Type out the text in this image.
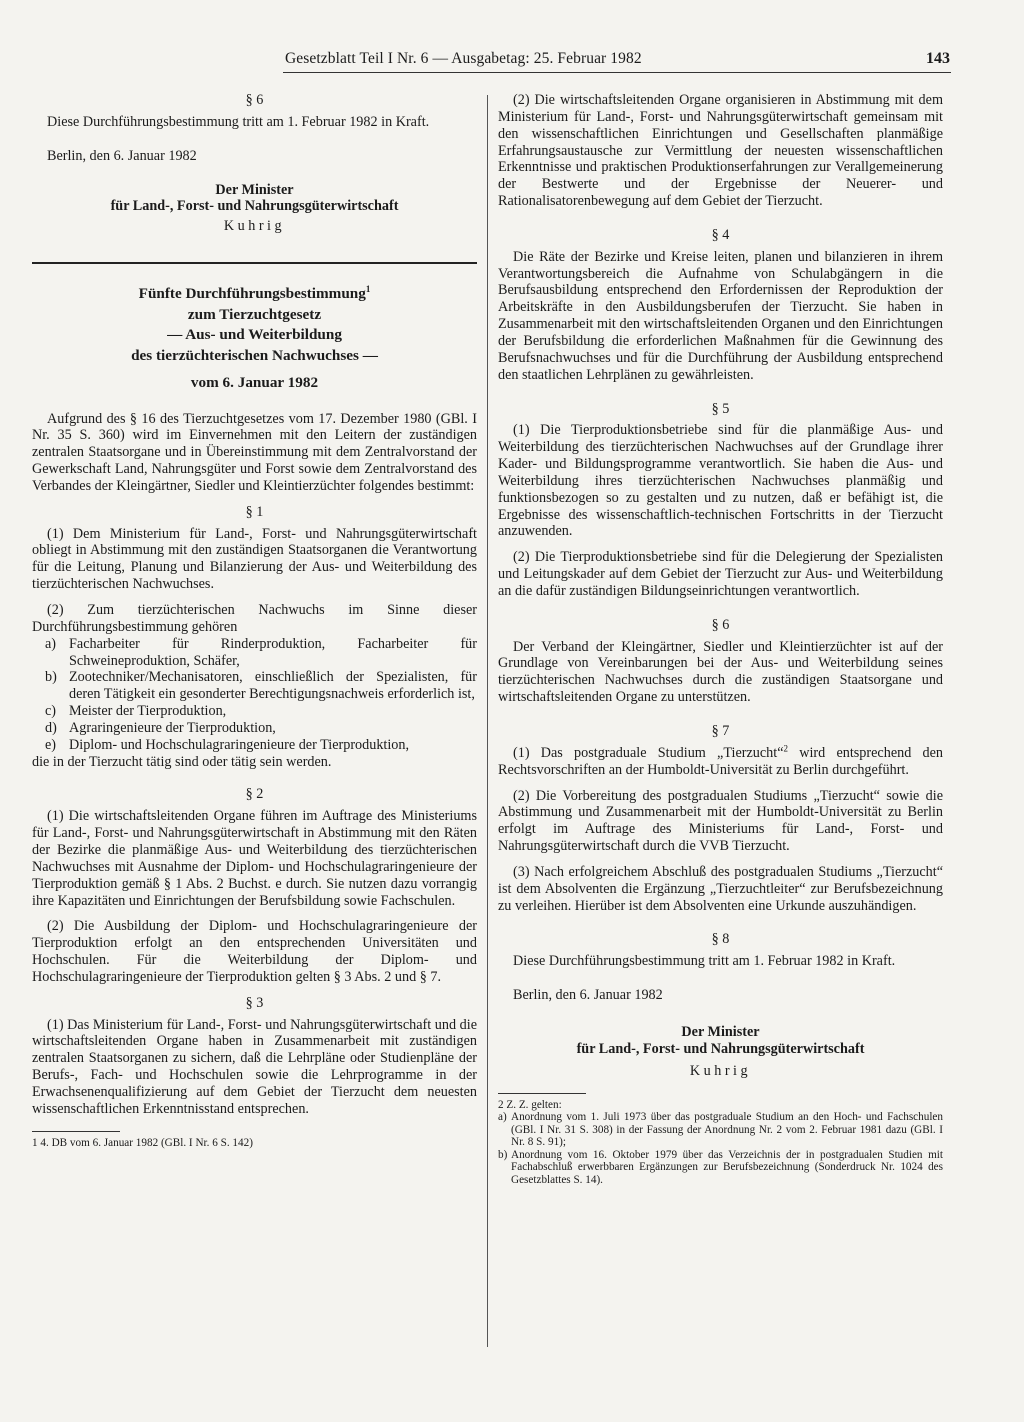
Gesetzblatt Teil I Nr. 6 — Ausgabetag: 25. Februar 1982	143

§ 6

Diese Durchführungsbestimmung tritt am 1. Februar 1982 in Kraft.

Berlin, den 6. Januar 1982

Der Minister

für Land-, Forst- und Nahrungsgüterwirtschaft

Kuhrig

Fünfte Durchführungsbestimmung$^1$
zum Tierzuchtgesetz
— Aus- und Weiterbildung
des tierzüchterischen Nachwuchses —
vom 6. Januar 1982

Aufgrund des § 16 des Tierzuchtgesetzes vom 17. Dezember 1980 (GBl. I Nr. 35 S. 360) wird im Einvernehmen mit den Leitern der zuständigen zentralen Staatsorgane und in Übereinstimmung mit dem Zentralvorstand der Gewerkschaft Land, Nahrungsgüter und Forst sowie dem Zentralvorstand des Verbandes der Kleingärtner, Siedler und Kleintierzüchter folgendes bestimmt:

§ 1

(1) Dem Ministerium für Land-, Forst- und Nahrungsgüterwirtschaft obliegt in Abstimmung mit den zuständigen Staatsorganen die Verantwortung für die Leitung, Planung und Bilanzierung der Aus- und Weiterbildung des tierzüchterischen Nachwuchses.

(2) Zum tierzüchterischen Nachwuchs im Sinne dieser Durchführungsbestimmung gehören

a) Facharbeiter für Rinderproduktion, Facharbeiter für Schweineproduktion, Schäfer,
b) Zootechniker/Mechanisatoren, einschließlich der Spezialisten, für deren Tätigkeit ein gesonderter Berechtigungsnachweis erforderlich ist,
c) Meister der Tierproduktion,
d) Agraringenieure der Tierproduktion,
e) Diplom- und Hochschulagraringenieure der Tierproduktion,

die in der Tierzucht tätig sind oder tätig sein werden.

§ 2

(1) Die wirtschaftsleitenden Organe führen im Auftrage des Ministeriums für Land-, Forst- und Nahrungsgüterwirtschaft in Abstimmung mit den Räten der Bezirke die planmäßige Aus- und Weiterbildung des tierzüchterischen Nachwuchses mit Ausnahme der Diplom- und Hochschulagraringenieure der Tierproduktion gemäß § 1 Abs. 2 Buchst. e durch. Sie nutzen dazu vorrangig ihre Kapazitäten und Einrichtungen der Berufsbildung sowie Fachschulen.

(2) Die Ausbildung der Diplom- und Hochschulagraringenieure der Tierproduktion erfolgt an den entsprechenden Universitäten und Hochschulen. Für die Weiterbildung der Diplom- und Hochschulagraringenieure der Tierproduktion gelten § 3 Abs. 2 und § 7.

§ 3

(1) Das Ministerium für Land-, Forst- und Nahrungsgüterwirtschaft und die wirtschaftsleitenden Organe haben in Zusammenarbeit mit zuständigen zentralen Staatsorganen zu sichern, daß die Lehrpläne oder Studienpläne der Berufs-, Fach- und Hochschulen sowie die Lehrprogramme in der Erwachsenenqualifizierung auf dem Gebiet der Tierzucht dem neuesten wissenschaftlichen Erkenntnisstand entsprechen.

1 4. DB vom 6. Januar 1982 (GBl. I Nr. 6 S. 142)

(2) Die wirtschaftsleitenden Organe organisieren in Abstimmung mit dem Ministerium für Land-, Forst- und Nahrungsgüterwirtschaft gemeinsam mit den wissenschaftlichen Einrichtungen und Gesellschaften planmäßige Erfahrungsaustausche zur Vermittlung der neuesten wissenschaftlichen Erkenntnisse und praktischen Produktionserfahrungen zur Verallgemeinerung der Bestwerte und der Ergebnisse der Neuerer- und Rationalisatorenbewegung auf dem Gebiet der Tierzucht.

§ 4

Die Räte der Bezirke und Kreise leiten, planen und bilanzieren in ihrem Verantwortungsbereich die Aufnahme von Schulabgängern in die Berufsausbildung entsprechend den Erfordernissen der Reproduktion der Arbeitskräfte in den Ausbildungsberufen der Tierzucht. Sie haben in Zusammenarbeit mit den wirtschaftsleitenden Organen und den Einrichtungen der Berufsbildung die erforderlichen Maßnahmen für die Gewinnung des Berufsnachwuchses und für die Durchführung der Ausbildung entsprechend den staatlichen Lehrplänen zu gewährleisten.

§ 5

(1) Die Tierproduktionsbetriebe sind für die planmäßige Aus- und Weiterbildung des tierzüchterischen Nachwuchses auf der Grundlage ihrer Kader- und Bildungsprogramme verantwortlich. Sie haben die Aus- und Weiterbildung ihres tierzüchterischen Nachwuchses planmäßig und funktionsbezogen so zu gestalten und zu nutzen, daß er befähigt ist, die Ergebnisse des wissenschaftlich-technischen Fortschritts in der Tierzucht anzuwenden.

(2) Die Tierproduktionsbetriebe sind für die Delegierung der Spezialisten und Leitungskader auf dem Gebiet der Tierzucht zur Aus- und Weiterbildung an die dafür zuständigen Bildungseinrichtungen verantwortlich.

§ 6

Der Verband der Kleingärtner, Siedler und Kleintierzüchter ist auf der Grundlage von Vereinbarungen bei der Aus- und Weiterbildung seines tierzüchterischen Nachwuchses durch die zuständigen Staatsorgane und wirtschaftsleitenden Organe zu unterstützen.

§ 7

(1) Das postgraduale Studium „Tierzucht“$^2$ wird entsprechend den Rechtsvorschriften an der Humboldt-Universität zu Berlin durchgeführt.

(2) Die Vorbereitung des postgradualen Studiums „Tierzucht“ sowie die Abstimmung und Zusammenarbeit mit der Humboldt-Universität zu Berlin erfolgt im Auftrage des Ministeriums für Land-, Forst- und Nahrungsgüterwirtschaft durch die VVB Tierzucht.

(3) Nach erfolgreichem Abschluß des postgradualen Studiums „Tierzucht“ ist dem Absolventen die Ergänzung „Tierzuchtleiter“ zur Berufsbezeichnung zu verleihen. Hierüber ist dem Absolventen eine Urkunde auszuhändigen.

§ 8

Diese Durchführungsbestimmung tritt am 1. Februar 1982 in Kraft.

Berlin, den 6. Januar 1982

Der Minister

für Land-, Forst- und Nahrungsgüterwirtschaft

Kuhrig

2 Z. Z. gelten:

a) Anordnung vom 1. Juli 1973 über das postgraduale Studium an den Hoch- und Fachschulen (GBl. I Nr. 31 S. 308) in der Fassung der Anordnung Nr. 2 vom 2. Februar 1981 dazu (GBl. I Nr. 8 S. 91);
b) Anordnung vom 16. Oktober 1979 über das Verzeichnis der in postgradualen Studien mit Fachabschluß erwerbbaren Ergänzungen zur Berufsbezeichnung (Sonderdruck Nr. 1024 des Gesetzblattes S. 14).
